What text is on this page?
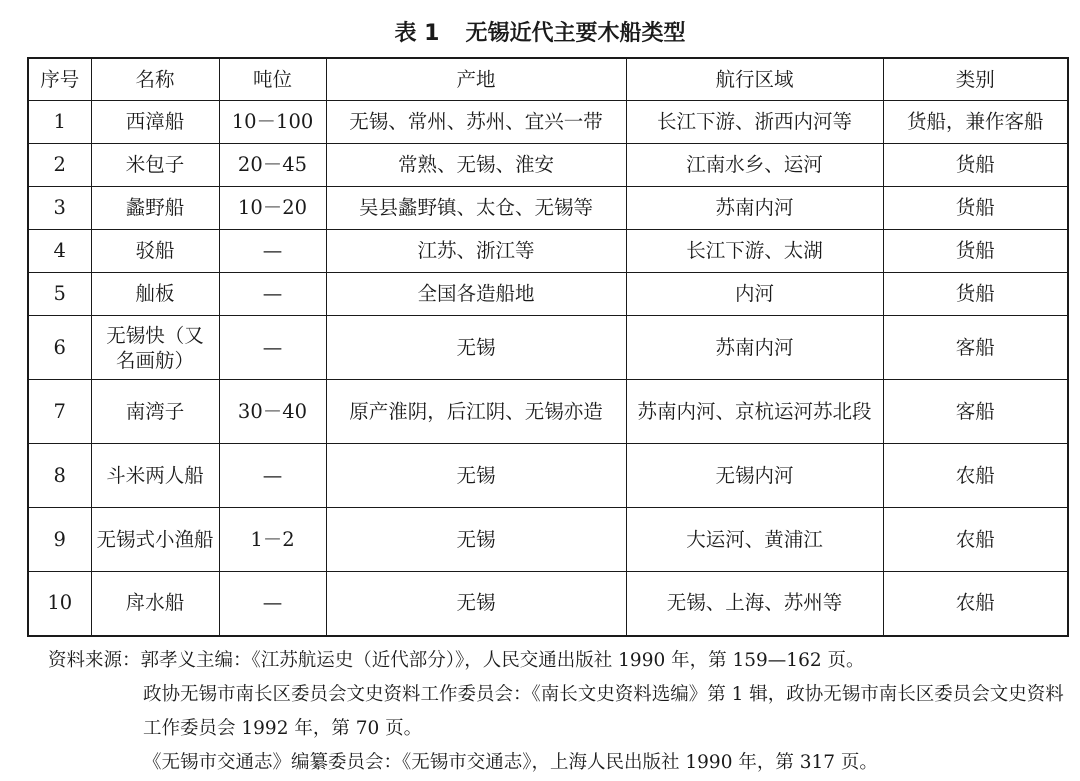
表 1 无锡近代主要木船类型
序号	名称	吨位	产地	航行区域	类别
1	西漳船	10－100	无锡、常州、苏州、宜兴一带	长江下游、浙西内河等	货船，兼作客船
2	米包子	20－45	常熟、无锡、淮安	江南水乡、运河	货船
3	蠡野船	10－20	吴县蠡野镇、太仓、无锡等	苏南内河	货船
4	驳船	—	江苏、浙江等	长江下游、太湖	货船
5	舢板	—	全国各造船地	内河	货船
6	无锡快（又名画舫）	—	无锡	苏南内河	客船
7	南湾子	30－40	原产淮阴，后江阴、无锡亦造	苏南内河、京杭运河苏北段	客船
8	斗米两人船	—	无锡	无锡内河	农船
9	无锡式小渔船	1－2	无锡	大运河、黄浦江	农船
10	戽水船	—	无锡	无锡、上海、苏州等	农船
资料来源：郭孝义主编：《江苏航运史（近代部分）》，人民交通出版社 1990 年，第 159—162 页。
政协无锡市南长区委员会文史资料工作委员会：《南长文史资料选编》第 1 辑，政协无锡市南长区委员会文史资料工作委员会 1992 年，第 70 页。
《无锡市交通志》编纂委员会：《无锡市交通志》，上海人民出版社 1990 年，第 317 页。
